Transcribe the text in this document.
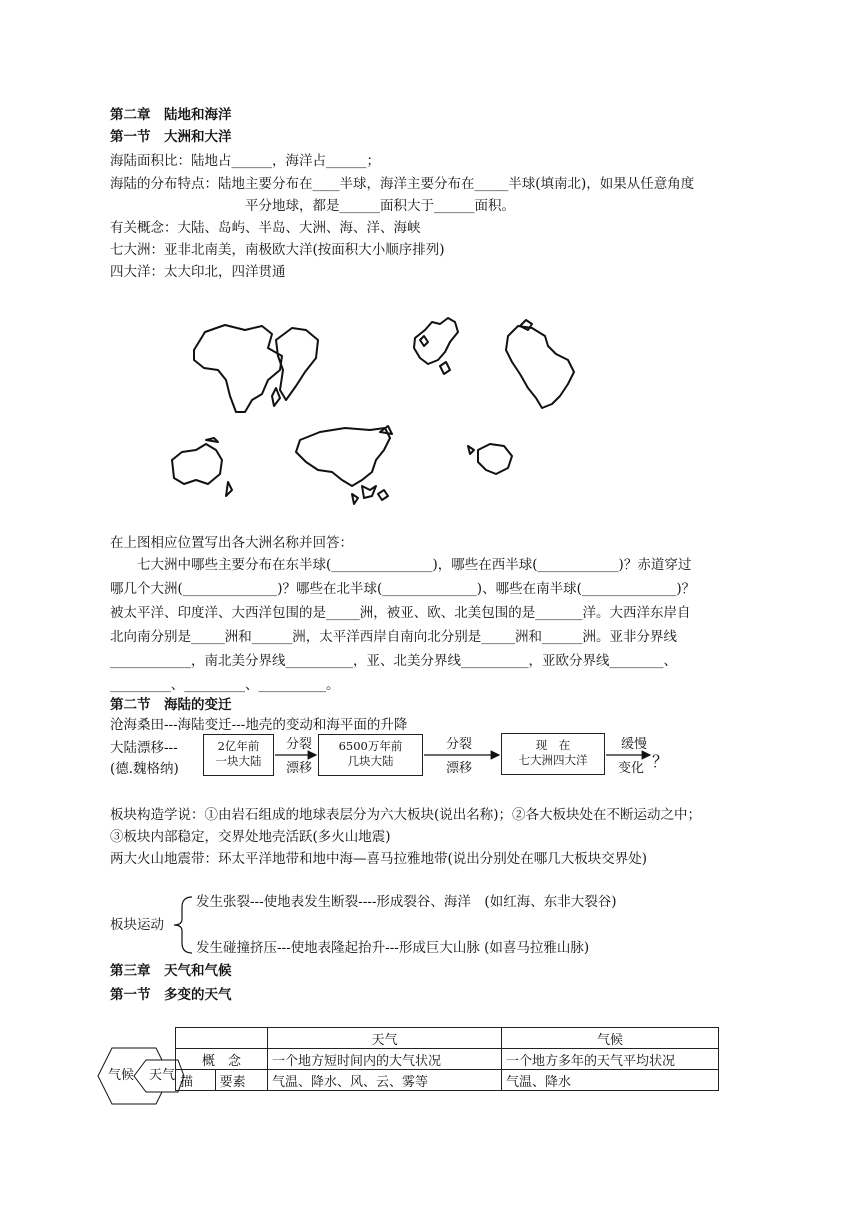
第二章　陆地和海洋
第一节　大洲和大洋
海陆面积比：陆地占______，海洋占______；
海陆的分布特点：陆地主要分布在____半球，海洋主要分布在_____半球(填南北)，如果从任意角度
平分地球，都是______面积大于______面积。
有关概念：大陆、岛屿、半岛、大洲、海、洋、海峡
七大洲：亚非北南美，南极欧大洋(按面积大小顺序排列)
四大洋：太大印北，四洋贯通
在上图相应位置写出各大洲名称并回答：
　　七大洲中哪些主要分布在东半球(_______________)，哪些在西半球(____________)？赤道穿过
哪几个大洲(______________)？哪些在北半球(______________)、哪些在南半球(______________)？
被太平洋、印度洋、大西洋包围的是_____洲，被亚、欧、北美包围的是_______洋。大西洋东岸自
北向南分别是_____洲和______洲，太平洋西岸自南向北分别是_____洲和______洲。亚非分界线
____________，南北美分界线__________，亚、北美分界线__________，亚欧分界线________、
_________、_________、__________。
第二节　海陆的变迁
沧海桑田---海陆变迁---地壳的变动和海平面的升降
大陆漂移---
(德.魏格纳)
2亿年前
一块大陆
分裂
漂移
6500万年前
几块大陆
分裂
漂移
现　在
七大洲四大洋
缓慢
变化 ？
板块构造学说：①由岩石组成的地球表层分为六大板块(说出名称)；②各大板块处在不断运动之中；
③板块内部稳定，交界处地壳活跃(多火山地震)
两大火山地震带：环太平洋地带和地中海—喜马拉雅地带(说出分别处在哪几大板块交界处)
板块运动
发生张裂---使地表发生断裂----形成裂谷、海洋　(如红海、东非大裂谷)
发生碰撞挤压---使地表隆起抬升---形成巨大山脉 (如喜马拉雅山脉)
第三章　天气和气候
第一节　多变的天气
气候 天气
		天气	气候
概　念		一个地方短时间内的大气状况	一个地方多年的天气平均状况
描	要素	气温、降水、风、云、雾等	气温、降水
